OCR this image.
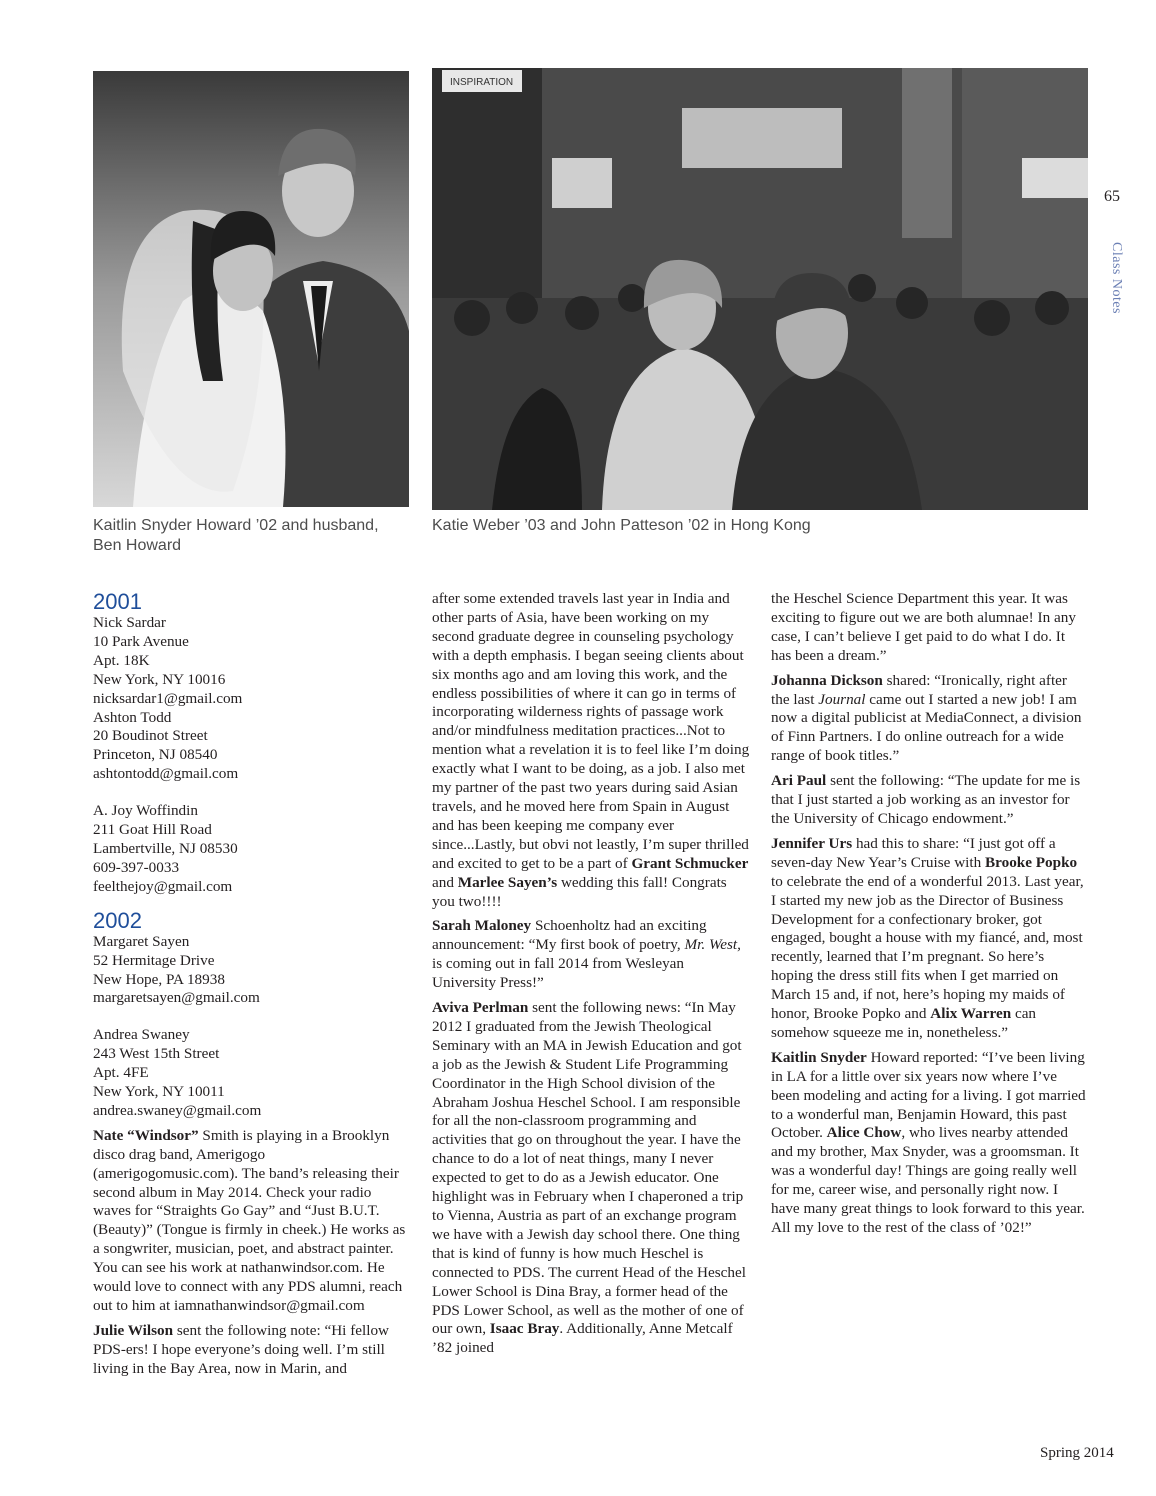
INSPIRATION
Kaitlin Snyder Howard ’02 and husband, Ben Howard
Katie Weber ’03 and John Patteson ’02 in Hong Kong
65
Class Notes
2001
Nick Sardar
10 Park Avenue
Apt. 18K
New York, NY 10016
nicksardar1@gmail.com
Ashton Todd
20 Boudinot Street
Princeton, NJ 08540
ashtontodd@gmail.com
A. Joy Woffindin
211 Goat Hill Road
Lambertville, NJ 08530
609-397-0033
feelthejoy@gmail.com
2002
Margaret Sayen
52 Hermitage Drive
New Hope, PA 18938
margaretsayen@gmail.com
Andrea Swaney
243 West 15th Street
Apt. 4FE
New York, NY 10011
andrea.swaney@gmail.com

Nate “Windsor” Smith is playing in a Brooklyn disco drag band, Amerigogo (amerigogomusic.com). The band’s releasing their second album in May 2014. Check your radio waves for “Straights Go Gay” and “Just B.U.T. (Beauty)” (Tongue is firmly in cheek.) He works as a songwriter, musician, poet, and abstract painter. You can see his work at nathanwindsor.com. He would love to connect with any PDS alumni, reach out to him at iamnathanwindsor@gmail.com

Julie Wilson sent the following note: “Hi fellow PDS-ers! I hope everyone’s doing well. I’m still living in the Bay Area, now in Marin, and

after some extended travels last year in India and other parts of Asia, have been working on my second graduate degree in counseling psychology with a depth emphasis. I began seeing clients about six months ago and am loving this work, and the endless possibilities of where it can go in terms of incorporating wilderness rights of passage work and/or mindfulness meditation practices...Not to mention what a revelation it is to feel like I’m doing exactly what I want to be doing, as a job. I also met my partner of the past two years during said Asian travels, and he moved here from Spain in August and has been keeping me company ever since...Lastly, but obvi not leastly, I’m super thrilled and excited to get to be a part of Grant Schmucker and Marlee Sayen’s wedding this fall! Congrats you two!!!!

Sarah Maloney Schoenholtz had an exciting announcement: “My first book of poetry, Mr. West, is coming out in fall 2014 from Wesleyan University Press!”

Aviva Perlman sent the following news: “In May 2012 I graduated from the Jewish Theological Seminary with an MA in Jewish Education and got a job as the Jewish & Student Life Programming Coordinator in the High School division of the Abraham Joshua Heschel School. I am responsible for all the non-classroom programming and activities that go on throughout the year. I have the chance to do a lot of neat things, many I never expected to get to do as a Jewish educator. One highlight was in February when I chaperoned a trip to Vienna, Austria as part of an exchange program we have with a Jewish day school there. One thing that is kind of funny is how much Heschel is connected to PDS. The current Head of the Heschel Lower School is Dina Bray, a former head of the PDS Lower School, as well as the mother of one of our own, Isaac Bray. Additionally, Anne Metcalf ’82 joined

the Heschel Science Department this year. It was exciting to figure out we are both alumnae! In any case, I can’t believe I get paid to do what I do. It has been a dream.”

Johanna Dickson shared: “Ironically, right after the last Journal came out I started a new job! I am now a digital publicist at MediaConnect, a division of Finn Partners. I do online outreach for a wide range of book titles.”

Ari Paul sent the following: “The update for me is that I just started a job working as an investor for the University of Chicago endowment.”

Jennifer Urs had this to share: “I just got off a seven-day New Year’s Cruise with Brooke Popko to celebrate the end of a wonderful 2013. Last year, I started my new job as the Director of Business Development for a confectionary broker, got engaged, bought a house with my fiancé, and, most recently, learned that I’m pregnant. So here’s hoping the dress still fits when I get married on March 15 and, if not, here’s hoping my maids of honor, Brooke Popko and Alix Warren can somehow squeeze me in, nonetheless.”

Kaitlin Snyder Howard reported: “I’ve been living in LA for a little over six years now where I’ve been modeling and acting for a living. I got married to a wonderful man, Benjamin Howard, this past October. Alice Chow, who lives nearby attended and my brother, Max Snyder, was a groomsman. It was a wonderful day! Things are going really well for me, career wise, and personally right now. I have many great things to look forward to this year. All my love to the rest of the class of ’02!”

Spring 2014
